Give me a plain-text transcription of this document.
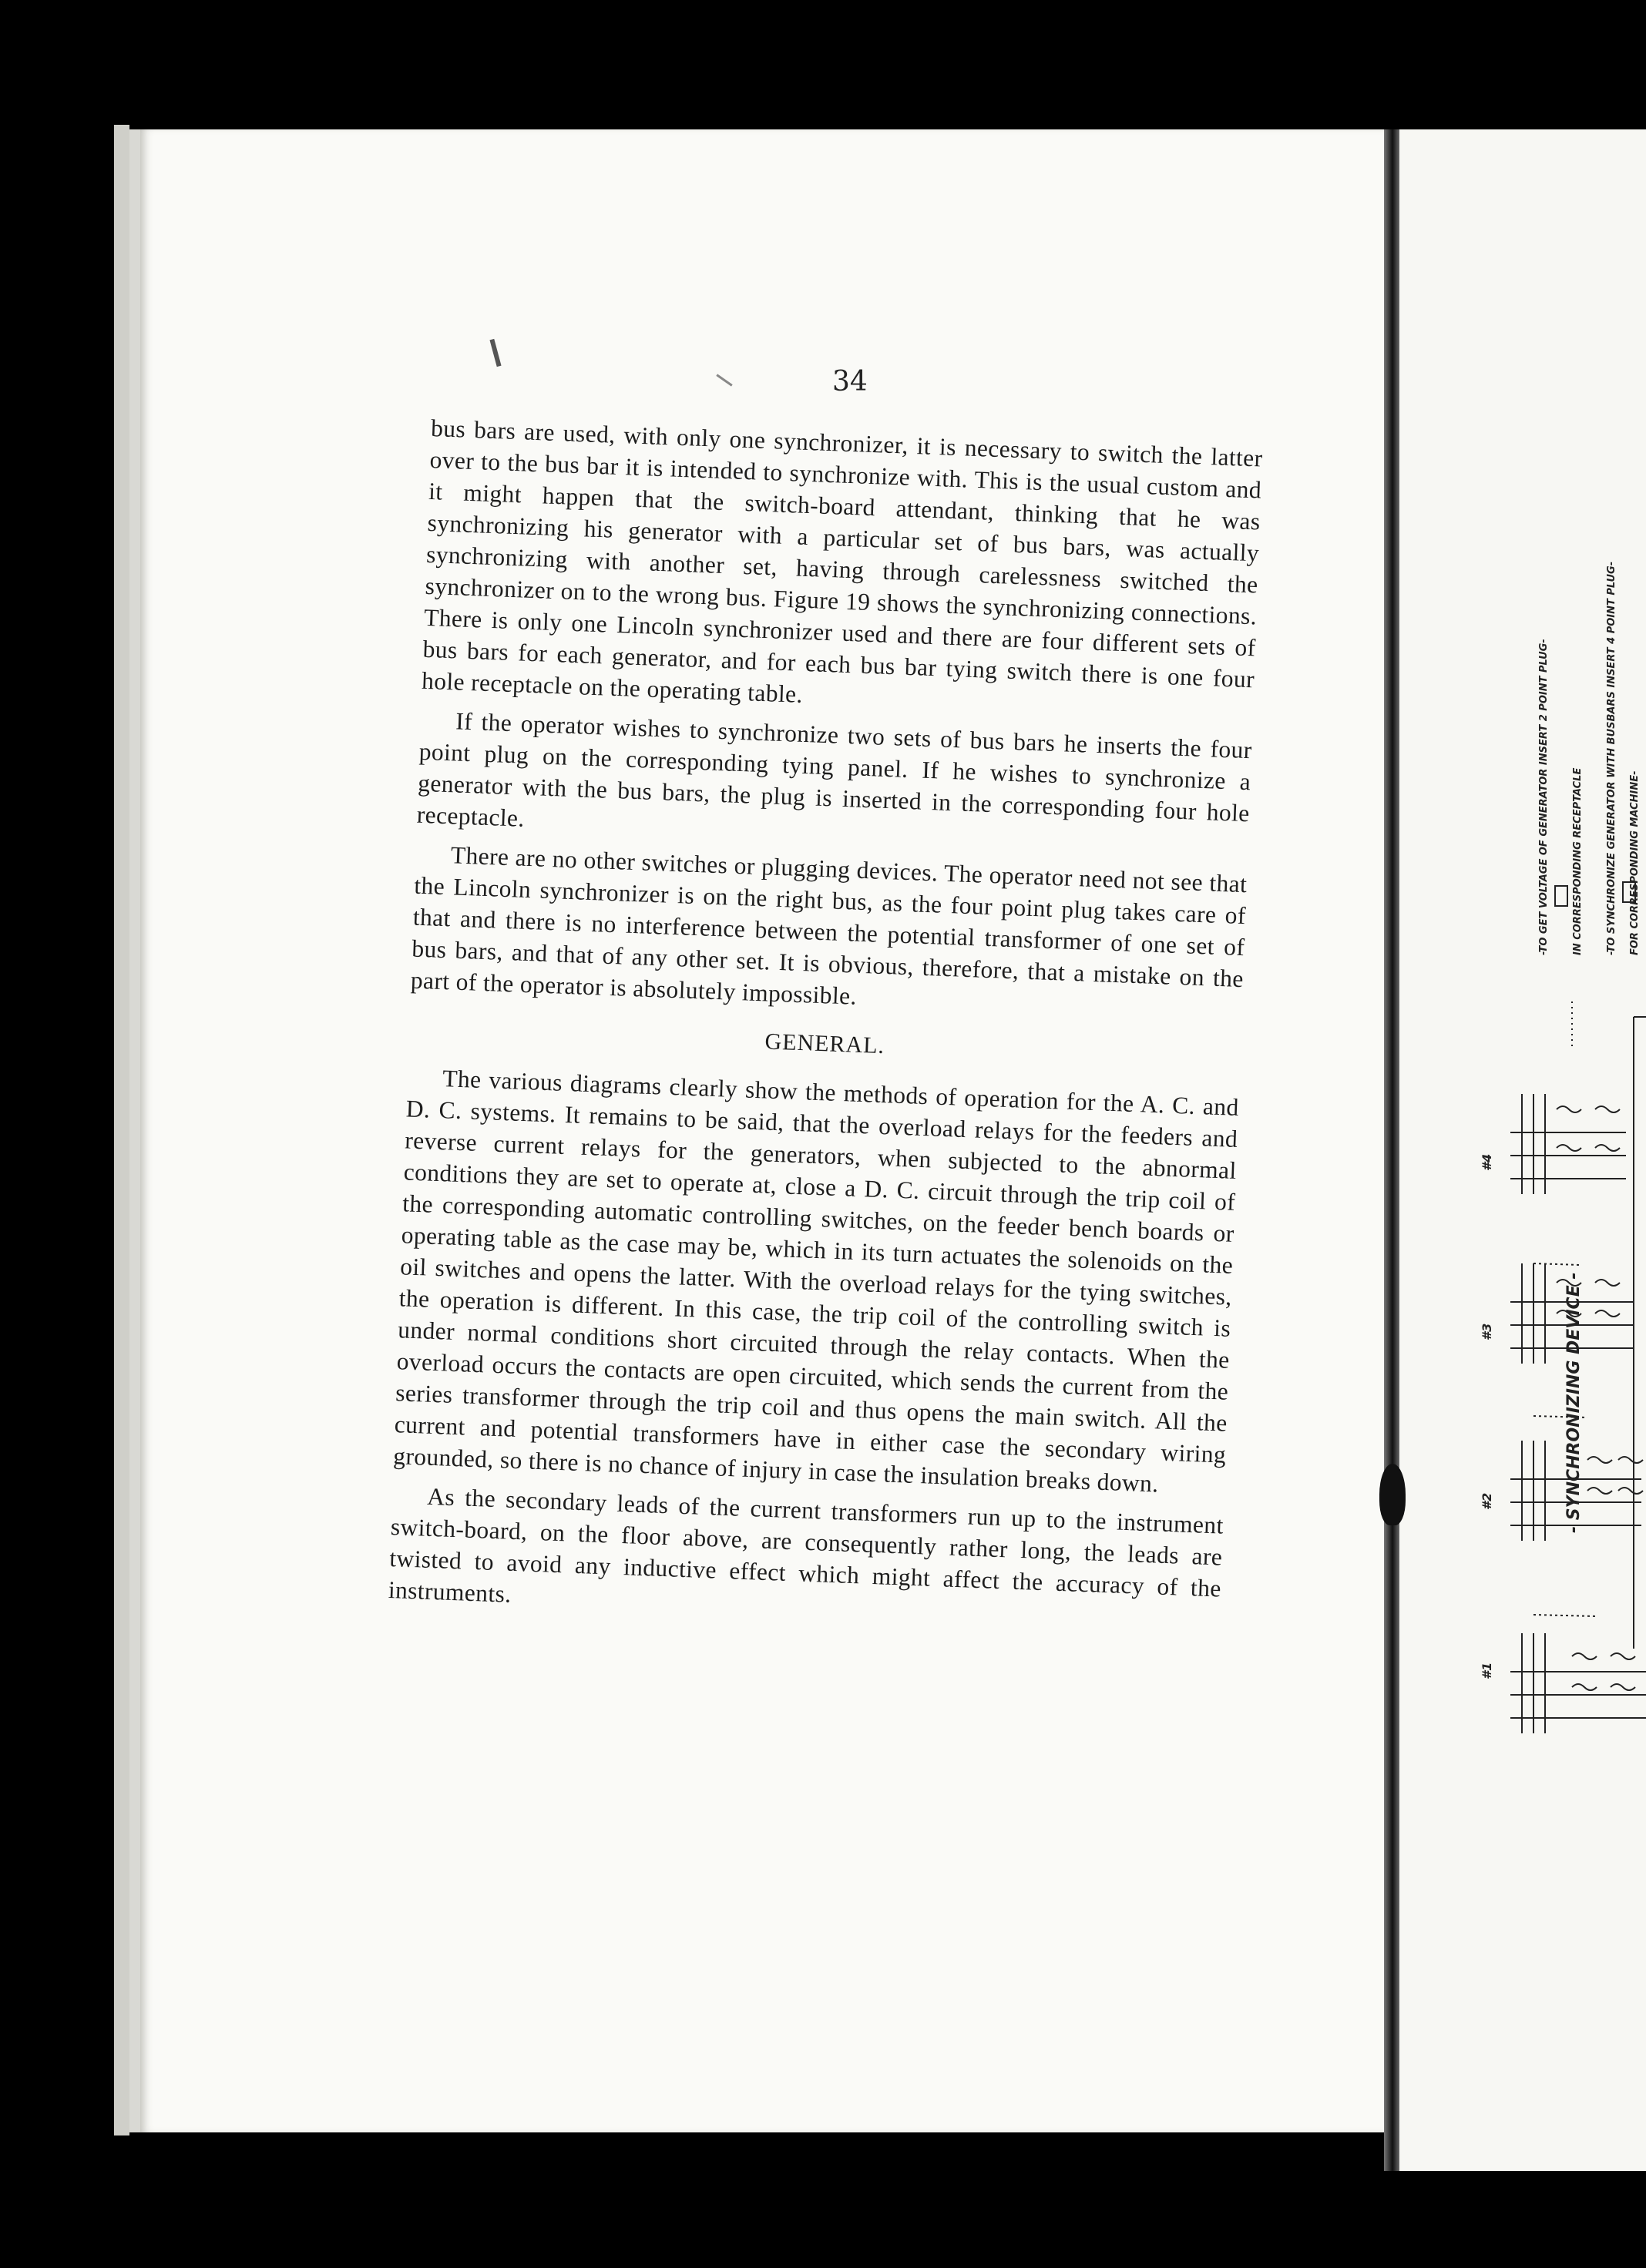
34

bus bars are used, with only one synchronizer, it is necessary to switch the latter over to the bus bar it is intended to synchronize with. This is the usual custom and it might happen that the switch-board attendant, thinking that he was synchronizing his generator with a particular set of bus bars, was actually synchronizing with another set, having through carelessness switched the synchronizer on to the wrong bus. Figure 19 shows the synchronizing connections. There is only one Lincoln synchronizer used and there are four different sets of bus bars for each generator, and for each bus bar tying switch there is one four hole receptacle on the operating table.

If the operator wishes to synchronize two sets of bus bars he inserts the four point plug on the corresponding tying panel. If he wishes to synchronize a generator with the bus bars, the plug is inserted in the corresponding four hole receptacle.

There are no other switches or plugging devices. The operator need not see that the Lincoln synchronizer is on the right bus, as the four point plug takes care of that and there is no interference between the potential transformer of one set of bus bars, and that of any other set. It is obvious, therefore, that a mistake on the part of the operator is absolutely impossible.

GENERAL.

The various diagrams clearly show the methods of operation for the A. C. and D. C. systems. It remains to be said, that the overload relays for the feeders and reverse current relays for the generators, when subjected to the abnormal conditions they are set to operate at, close a D. C. circuit through the trip coil of the corresponding automatic controlling switches, on the feeder bench boards or operating table as the case may be, which in its turn actuates the solenoids on the oil switches and opens the latter. With the overload relays for the tying switches, the operation is different. In this case, the trip coil of the controlling switch is under normal conditions short circuited through the relay contacts. When the overload occurs the contacts are open circuited, which sends the current from the series transformer through the trip coil and thus opens the main switch. All the current and potential transformers have in either case the secondary wiring grounded, so there is no chance of injury in case the insulation breaks down.

As the secondary leads of the current transformers run up to the instrument switch-board, on the floor above, are consequently rather long, the leads are twisted to avoid any inductive effect which might affect the accuracy of the instruments.

- SYNCHRONIZING DEVICE -
-TO GET VOLTAGE OF GENERATOR INSERT 2 POINT PLUG- IN CORRESPONDING RECEPTACLE -TO SYNCHRONIZE GENERATOR WITH BUSBARS INSERT 4 POINT PLUG- FOR CORRESPONDING MACHINE-
#4
#3
#2
#1
